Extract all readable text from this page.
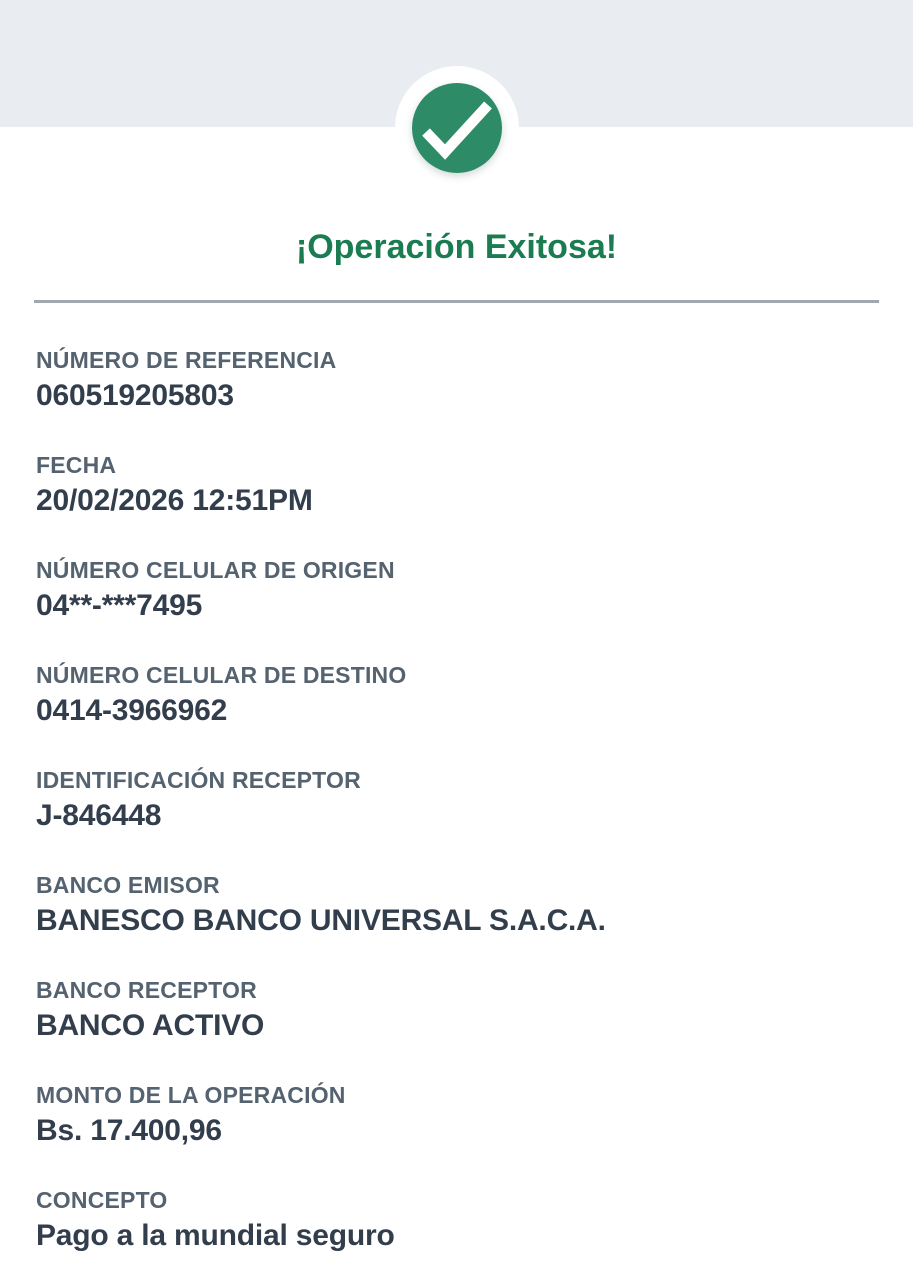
¡Operación Exitosa!
NÚMERO DE REFERENCIA
060519205803
FECHA
20/02/2026 12:51PM
NÚMERO CELULAR DE ORIGEN
04**-***7495
NÚMERO CELULAR DE DESTINO
0414-3966962
IDENTIFICACIÓN RECEPTOR
J-846448
BANCO EMISOR
BANESCO BANCO UNIVERSAL S.A.C.A.
BANCO RECEPTOR
BANCO ACTIVO
MONTO DE LA OPERACIÓN
Bs. 17.400,96
CONCEPTO
Pago a la mundial seguro
